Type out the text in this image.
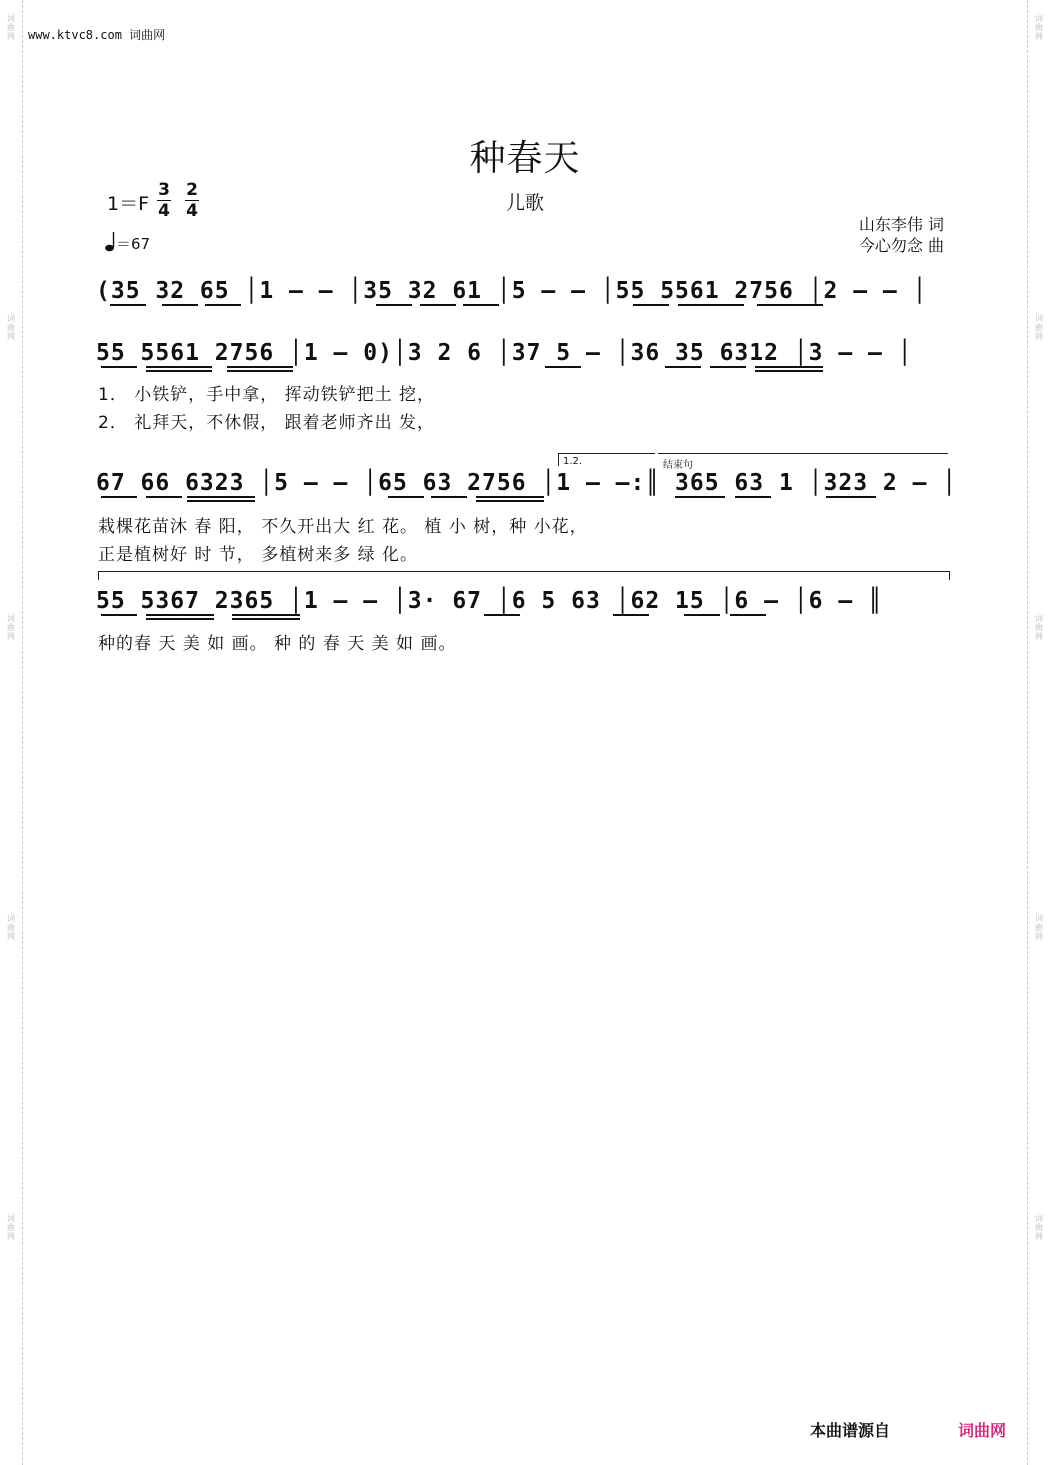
词
曲
网
词
曲
网
词
曲
网
词
曲
网
词
曲
网
词
曲
网
词
曲
网
词
曲
网
词
曲
网
词
曲
网
www.ktvc8.com 词曲网
种春天
儿歌
$1=F \frac{3}{4} \frac{2}{4}$
＝67
山东李伟 词
今心勿念 曲
(35 32 65 │1 – – │35 32 61 │5 – – │55 5561 2756 │2 – – │
55 5561 2756 │1 – 0)│3 2 6 │37 5 – │36 35 6312 │3 – – │
1． 小铁铲，手中拿， 挥动铁铲把土 挖，
2． 礼拜天，不休假， 跟着老师齐出 发，
1.2.	结束句
67 66 6323 │5 – – │65 63 2756 │1 – –:║ 365 63 1 │323 2 – │
栽棵花苗沐 春 阳， 不久开出大 红 花。 植 小 树，种 小花，
正是植树好 时 节， 多植树来多 绿 化。
55 5367 2365 │1 – – │3· 67 │6 5 63 │62 15 │6 – │6 – ║
种的春 天 美 如 画。 种 的 春 天 美 如 画。
本曲谱源自	词曲网
